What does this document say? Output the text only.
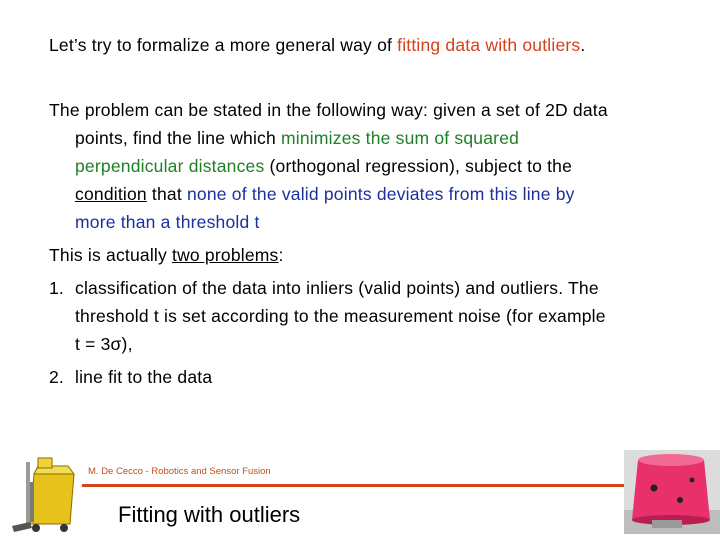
Let’s try to formalize a more general way of fitting data with outliers.
The problem can be stated in the following way: given a set of 2D data
points, find the line which minimizes the sum of squared
perpendicular distances (orthogonal regression), subject to the
condition that none of the valid points deviates from this line by
more than a threshold t
This is actually two problems:
1. classification of the data into inliers (valid points) and outliers. The
threshold t is set according to the measurement noise (for example
t = 3σ),
2. line fit to the data
M. De Cecco - Robotics and Sensor Fusion
Fitting with outliers
